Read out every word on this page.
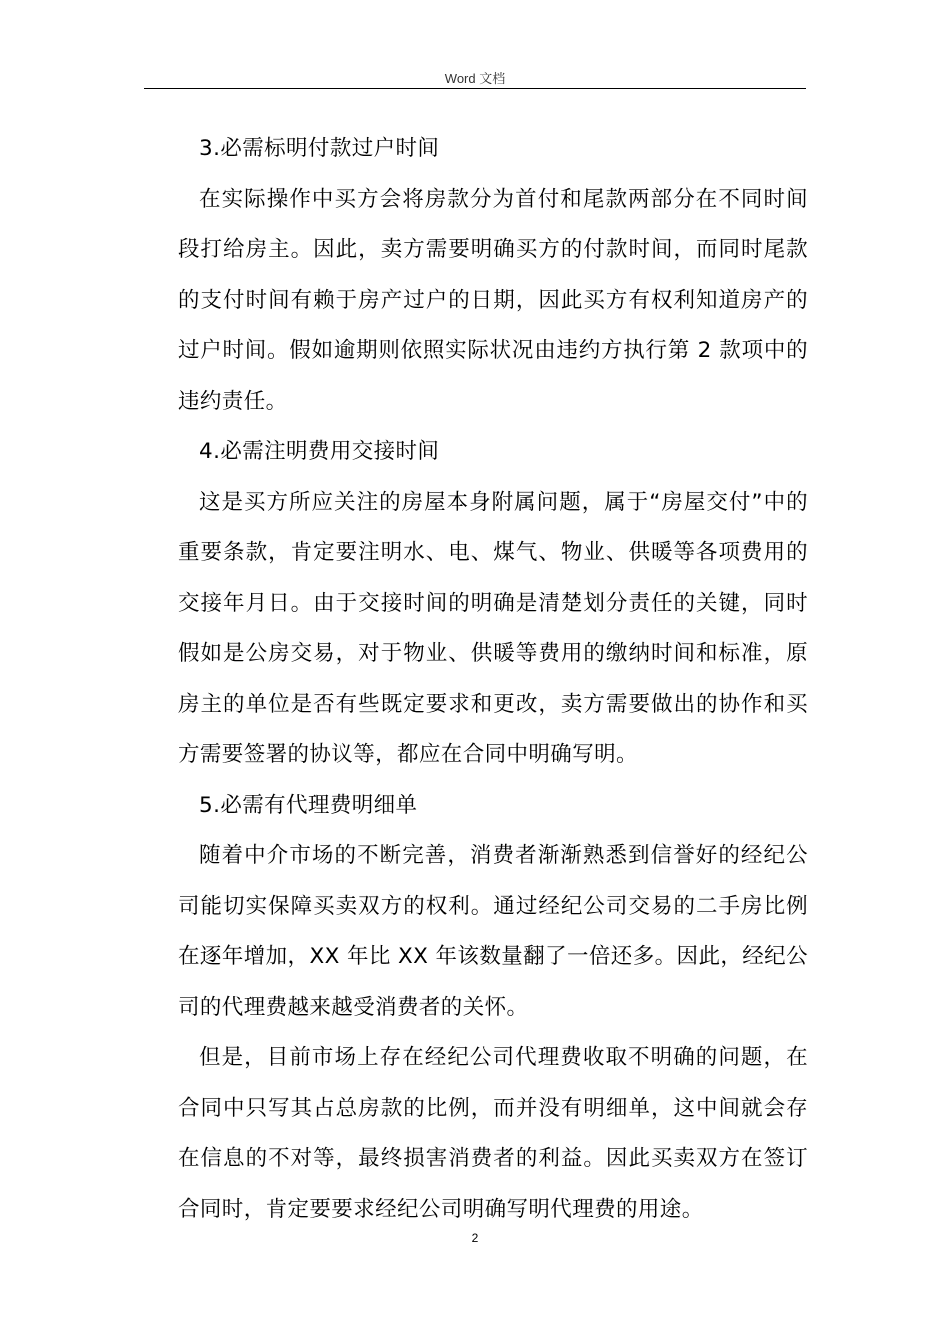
Word 文档

3.必需标明付款过户时间

在实际操作中买方会将房款分为首付和尾款两部分在不同时间段打给房主。因此，卖方需要明确买方的付款时间，而同时尾款的支付时间有赖于房产过户的日期，因此买方有权利知道房产的过户时间。假如逾期则依照实际状况由违约方执行第 2 款项中的违约责任。

4.必需注明费用交接时间

这是买方所应关注的房屋本身附属问题，属于“房屋交付”中的重要条款，肯定要注明水、电、煤气、物业、供暖等各项费用的交接年月日。由于交接时间的明确是清楚划分责任的关键，同时假如是公房交易，对于物业、供暖等费用的缴纳时间和标准，原房主的单位是否有些既定要求和更改，卖方需要做出的协作和买方需要签署的协议等，都应在合同中明确写明。

5.必需有代理费明细单

随着中介市场的不断完善，消费者渐渐熟悉到信誉好的经纪公司能切实保障买卖双方的权利。通过经纪公司交易的二手房比例在逐年增加，XX 年比 XX 年该数量翻了一倍还多。因此，经纪公司的代理费越来越受消费者的关怀。

但是，目前市场上存在经纪公司代理费收取不明确的问题，在合同中只写其占总房款的比例，而并没有明细单，这中间就会存在信息的不对等，最终损害消费者的利益。因此买卖双方在签订合同时，肯定要要求经纪公司明确写明代理费的用途。

2
